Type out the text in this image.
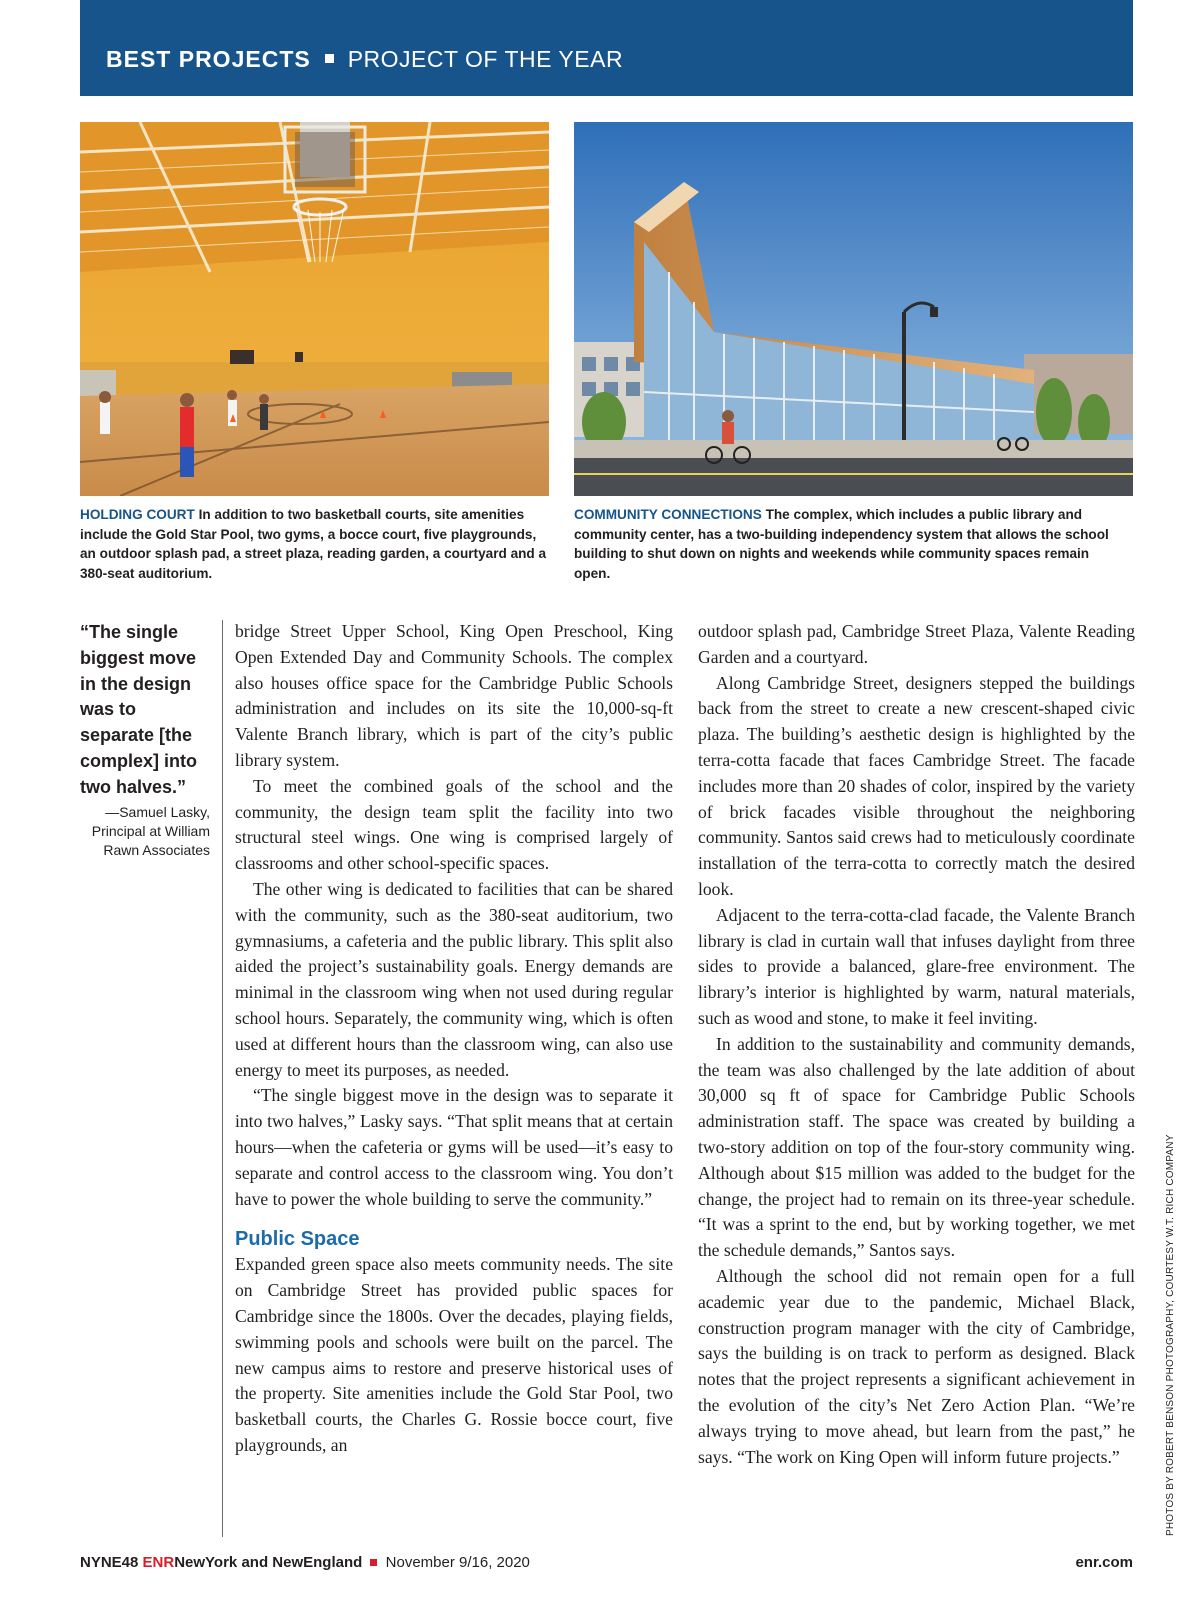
BEST PROJECTS PROJECT OF THE YEAR
HOLDING COURT In addition to two basketball courts, site amenities include the Gold Star Pool, two gyms, a bocce court, five playgrounds, an outdoor splash pad, a street plaza, reading garden, a courtyard and a 380-seat auditorium.
COMMUNITY CONNECTIONS The complex, which includes a public library and community center, has a two-building independency system that allows the school building to shut down on nights and weekends while community spaces remain open.
“The single biggest move in the design was to separate [the complex] into two halves.”
—Samuel Lasky, Principal at William Rawn Associates

bridge Street Upper School, King Open Preschool, King Open Extended Day and Community Schools. The complex also houses office space for the Cambridge Public Schools administration and includes on its site the 10,000-sq-ft Valente Branch library, which is part of the city’s public library system.

To meet the combined goals of the school and the community, the design team split the facility into two structural steel wings. One wing is comprised largely of classrooms and other school-specific spaces.

The other wing is dedicated to facilities that can be shared with the community, such as the 380-seat auditorium, two gymnasiums, a cafeteria and the public library. This split also aided the project’s sustainability goals. Energy demands are minimal in the classroom wing when not used during regular school hours. Separately, the community wing, which is often used at different hours than the classroom wing, can also use energy to meet its purposes, as needed.

“The single biggest move in the design was to separate it into two halves,” Lasky says. “That split means that at certain hours—when the cafeteria or gyms will be used—it’s easy to separate and control access to the classroom wing. You don’t have to power the whole building to serve the community.”

Public Space

Expanded green space also meets community needs. The site on Cambridge Street has provided public spaces for Cambridge since the 1800s. Over the decades, playing fields, swimming pools and schools were built on the parcel. The new campus aims to restore and preserve historical uses of the property. Site amenities include the Gold Star Pool, two basketball courts, the Charles G. Rossie bocce court, five playgrounds, an

outdoor splash pad, Cambridge Street Plaza, Valente Reading Garden and a courtyard.

Along Cambridge Street, designers stepped the buildings back from the street to create a new crescent-shaped civic plaza. The building’s aesthetic design is highlighted by the terra-cotta facade that faces Cambridge Street. The facade includes more than 20 shades of color, inspired by the variety of brick facades visible throughout the neighboring community. Santos said crews had to meticulously coordinate installation of the terra-cotta to correctly match the desired look.

Adjacent to the terra-cotta-clad facade, the Valente Branch library is clad in curtain wall that infuses daylight from three sides to provide a balanced, glare-free environment. The library’s interior is highlighted by warm, natural materials, such as wood and stone, to make it feel inviting.

In addition to the sustainability and community demands, the team was also challenged by the late addition of about 30,000 sq ft of space for Cambridge Public Schools administration staff. The space was created by building a two-story addition on top of the four-story community wing. Although about $15 million was added to the budget for the change, the project had to remain on its three-year schedule. “It was a sprint to the end, but by working together, we met the schedule demands,” Santos says.

Although the school did not remain open for a full academic year due to the pandemic, Michael Black, construction program manager with the city of Cambridge, says the building is on track to perform as designed. Black notes that the project represents a significant achievement in the evolution of the city’s Net Zero Action Plan. “We’re always trying to move ahead, but learn from the past,” he says. “The work on King Open will inform future projects.”	PHOTOS BY ROBERT BENSON PHOTOGRAPHY, COURTESY W.T. RICH COMPANY
NYNE48 ENRNewYork and NewEngland November 9/16, 2020	enr.com
